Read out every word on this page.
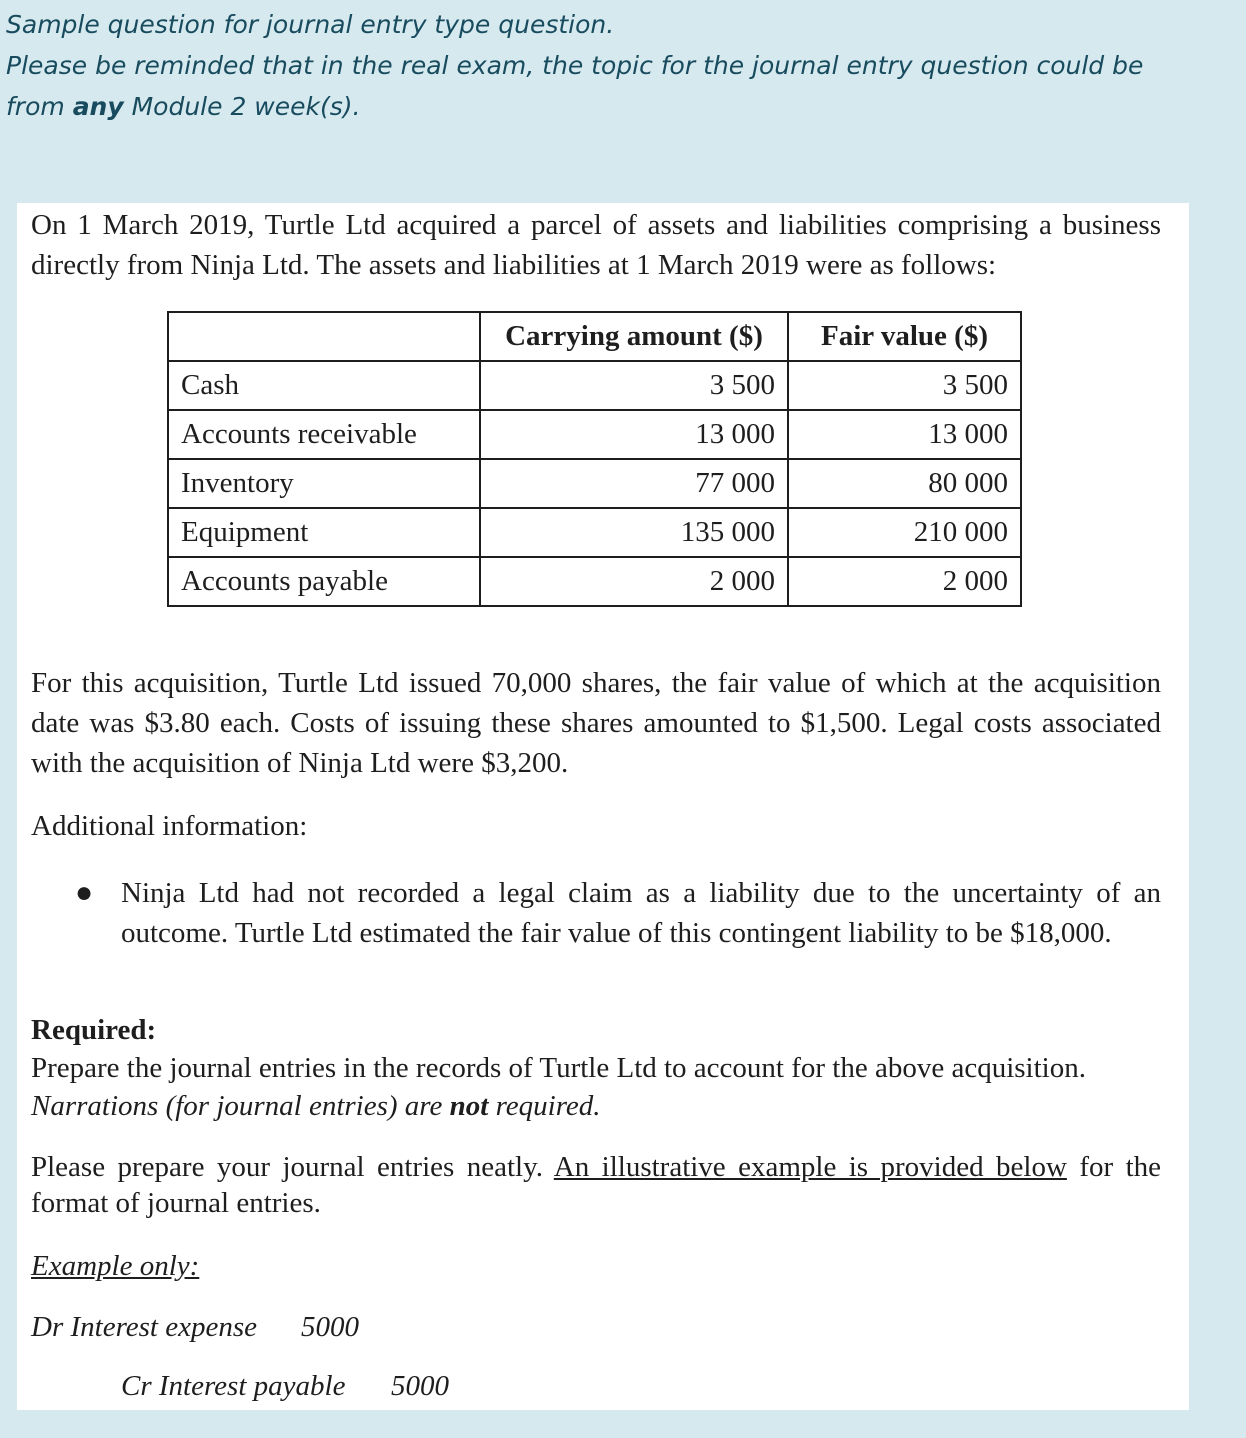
Sample question for journal entry type question.
Please be reminded that in the real exam, the topic for the journal entry question could be
from any Module 2 week(s).
On 1 March 2019, Turtle Ltd acquired a parcel of assets and liabilities comprising a business directly from Ninja Ltd. The assets and liabilities at 1 March 2019 were as follows:
	Carrying amount ($)	Fair value ($)
Cash	3 500	3 500
Accounts receivable	13 000	13 000
Inventory	77 000	80 000
Equipment	135 000	210 000
Accounts payable	2 000	2 000
For this acquisition, Turtle Ltd issued 70,000 shares, the fair value of which at the acquisition date was $3.80 each. Costs of issuing these shares amounted to $1,500. Legal costs associated with the acquisition of Ninja Ltd were $3,200.
Additional information:
● Ninja Ltd had not recorded a legal claim as a liability due to the uncertainty of an outcome. Turtle Ltd estimated the fair value of this contingent liability to be $18,000.
Required:
Prepare the journal entries in the records of Turtle Ltd to account for the above acquisition.
Narrations (for journal entries) are not required.
Please prepare your journal entries neatly. An illustrative example is provided below for the format of journal entries.
Example only:
Dr Interest expense 5000
Cr Interest payable 5000
